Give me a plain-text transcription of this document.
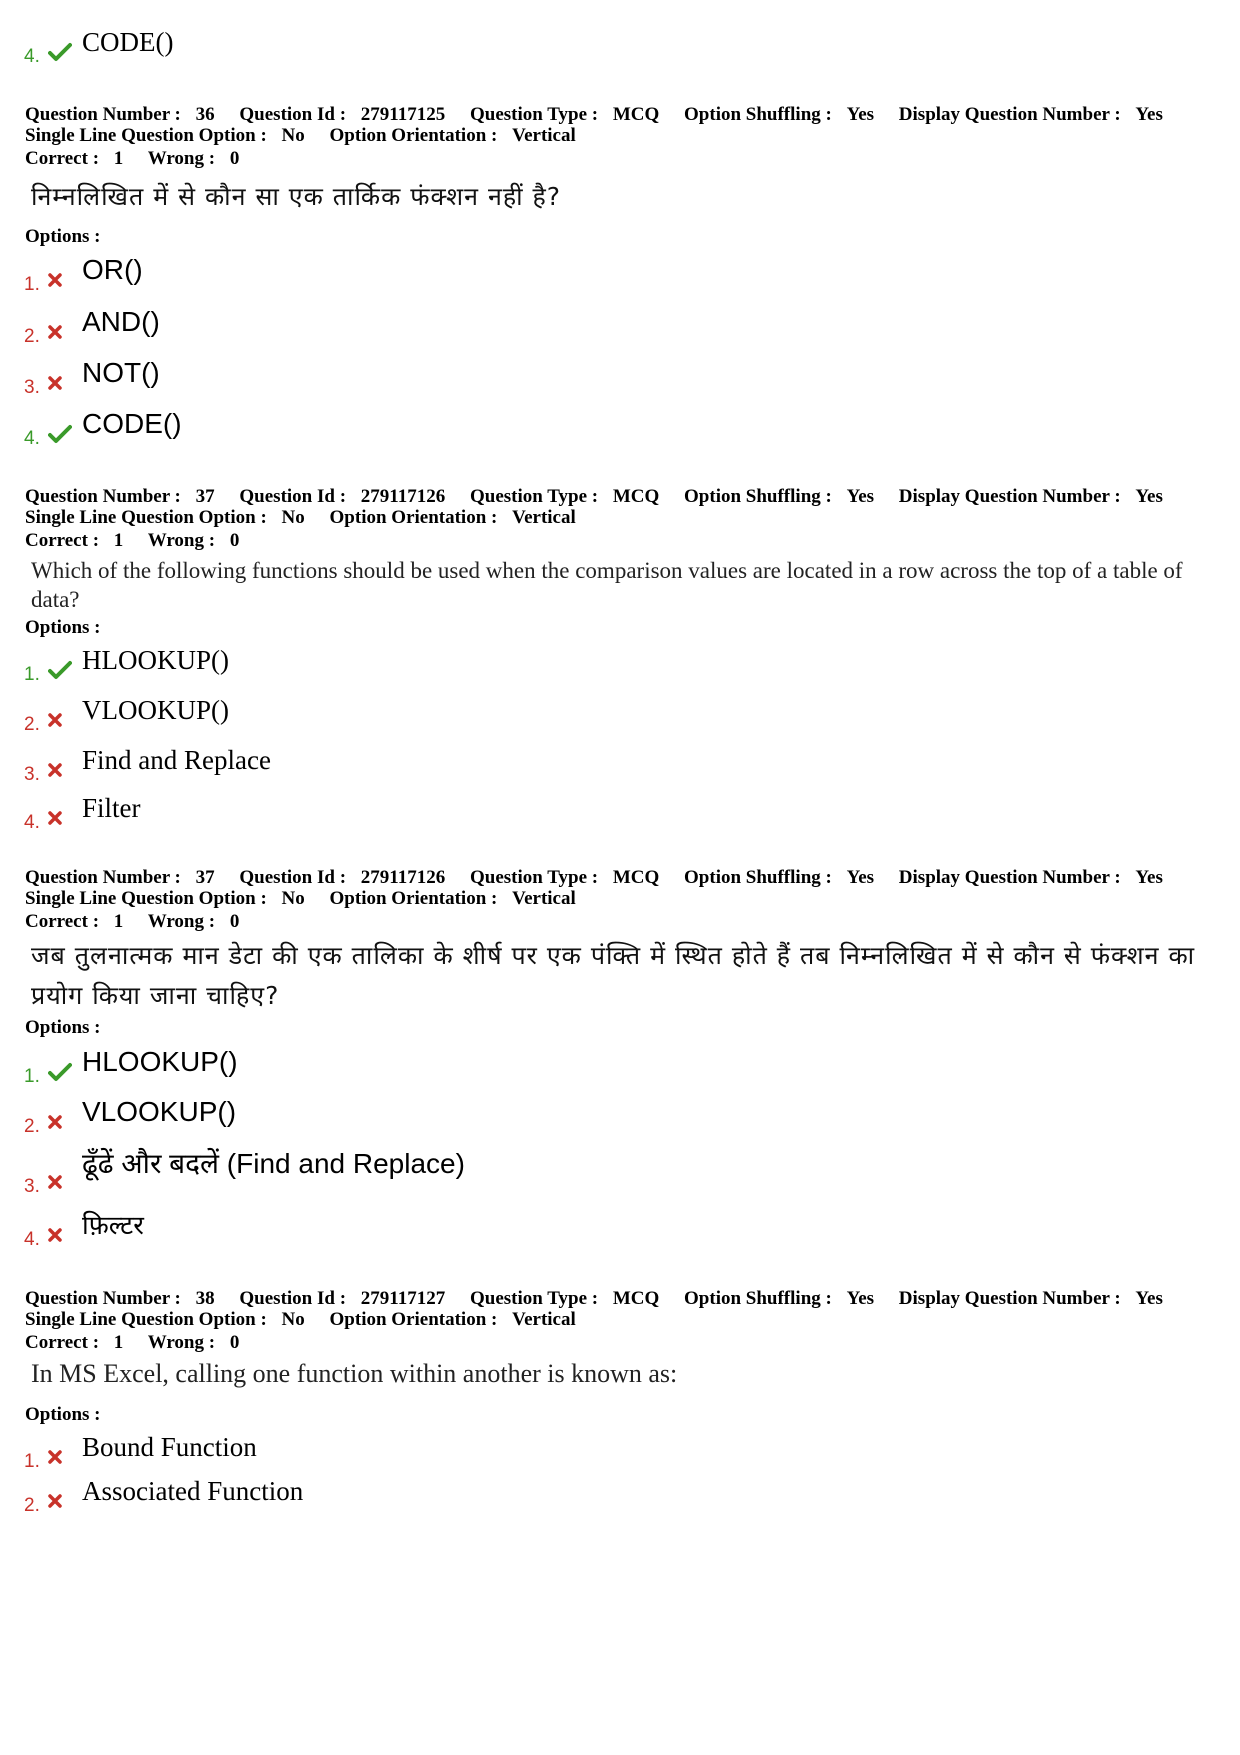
4.	CODE()
Question Number : 36 Question Id : 279117125 Question Type : MCQ Option Shuffling : Yes Display Question Number : Yes
Single Line Question Option : No Option Orientation : Vertical
Correct : 1 Wrong : 0
निम्नलिखित में से कौन सा एक तार्किक फंक्शन नहीं है?
Options :
1. OR()
2. AND()
3. NOT()
4. CODE()
Question Number : 37 Question Id : 279117126 Question Type : MCQ Option Shuffling : Yes Display Question Number : Yes
Single Line Question Option : No Option Orientation : Vertical
Correct : 1 Wrong : 0
Which of the following functions should be used when the comparison values are located in a row across the top of a table of data?
Options :
1.	HLOOKUP()
2.	VLOOKUP()
3.	Find and Replace
4.	Filter
Question Number : 37 Question Id : 279117126 Question Type : MCQ Option Shuffling : Yes Display Question Number : Yes
Single Line Question Option : No Option Orientation : Vertical
Correct : 1 Wrong : 0
जब तुलनात्मक मान डेटा की एक तालिका के शीर्ष पर एक पंक्ति में स्थित होते हैं तब निम्नलिखित में से कौन से फंक्शन का प्रयोग किया जाना चाहिए?
Options :
1. HLOOKUP()
2. VLOOKUP()
3.
ढूँढें और बदलें (Find and Replace)
4.	फ़िल्टर
Question Number : 38 Question Id : 279117127 Question Type : MCQ Option Shuffling : Yes Display Question Number : Yes
Single Line Question Option : No Option Orientation : Vertical
Correct : 1 Wrong : 0
In MS Excel, calling one function within another is known as:
Options :
1.	Bound Function
2.	Associated Function
